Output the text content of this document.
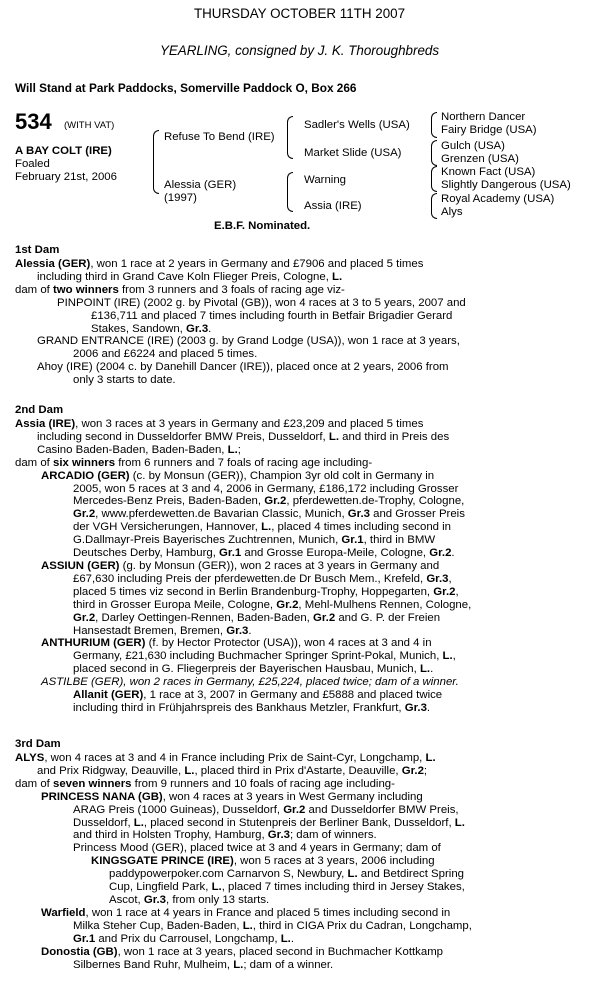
THURSDAY OCTOBER 11TH 2007
YEARLING, consigned by J. K. Thoroughbreds
Will Stand at Park Paddocks, Somerville Paddock O, Box 266
534 (WITH VAT)
A BAY COLT (IRE)
Foaled
February 21st, 2006
Refuse To Bend (IRE)
Alessia (GER)
(1997)
Sadler's Wells (USA)
Market Slide (USA)
Warning
Assia (IRE)
Northern Dancer
Fairy Bridge (USA)
Gulch (USA)
Grenzen (USA)
Known Fact (USA)
Slightly Dangerous (USA)
Royal Academy (USA)
Alys
E.B.F. Nominated.
1st Dam
Alessia (GER), won 1 race at 2 years in Germany and £7906 and placed 5 times
including third in Grand Cave Koln Flieger Preis, Cologne, L.
dam of two winners from 3 runners and 3 foals of racing age viz-
PINPOINT (IRE) (2002 g. by Pivotal (GB)), won 4 races at 3 to 5 years, 2007 and
£136,711 and placed 7 times including fourth in Betfair Brigadier Gerard
Stakes, Sandown, Gr.3.
GRAND ENTRANCE (IRE) (2003 g. by Grand Lodge (USA)), won 1 race at 3 years,
2006 and £6224 and placed 5 times.
Ahoy (IRE) (2004 c. by Danehill Dancer (IRE)), placed once at 2 years, 2006 from
only 3 starts to date.
2nd Dam
Assia (IRE), won 3 races at 3 years in Germany and £23,209 and placed 5 times
including second in Dusseldorfer BMW Preis, Dusseldorf, L. and third in Preis des
Casino Baden-Baden, Baden-Baden, L.;
dam of six winners from 6 runners and 7 foals of racing age including-
ARCADIO (GER) (c. by Monsun (GER)), Champion 3yr old colt in Germany in
2005, won 5 races at 3 and 4, 2006 in Germany, £186,172 including Grosser
Mercedes-Benz Preis, Baden-Baden, Gr.2, pferdewetten.de-Trophy, Cologne,
Gr.2, www.pferdewetten.de Bavarian Classic, Munich, Gr.3 and Grosser Preis
der VGH Versicherungen, Hannover, L., placed 4 times including second in
G.Dallmayr-Preis Bayerisches Zuchtrennen, Munich, Gr.1, third in BMW
Deutsches Derby, Hamburg, Gr.1 and Grosse Europa-Meile, Cologne, Gr.2.
ASSIUN (GER) (g. by Monsun (GER)), won 2 races at 3 years in Germany and
£67,630 including Preis der pferdewetten.de Dr Busch Mem., Krefeld, Gr.3,
placed 5 times viz second in Berlin Brandenburg-Trophy, Hoppegarten, Gr.2,
third in Grosser Europa Meile, Cologne, Gr.2, Mehl-Mulhens Rennen, Cologne,
Gr.2, Darley Oettingen-Rennen, Baden-Baden, Gr.2 and G. P. der Freien
Hansestadt Bremen, Bremen, Gr.3.
ANTHURIUM (GER) (f. by Hector Protector (USA)), won 4 races at 3 and 4 in
Germany, £21,630 including Buchmacher Springer Sprint-Pokal, Munich, L.,
placed second in G. Fliegerpreis der Bayerischen Hausbau, Munich, L..
ASTILBE (GER), won 2 races in Germany, £25,224, placed twice; dam of a winner.
Allanit (GER), 1 race at 3, 2007 in Germany and £5888 and placed twice
including third in Frühjahrspreis des Bankhaus Metzler, Frankfurt, Gr.3.
3rd Dam
ALYS, won 4 races at 3 and 4 in France including Prix de Saint-Cyr, Longchamp, L.
and Prix Ridgway, Deauville, L., placed third in Prix d'Astarte, Deauville, Gr.2;
dam of seven winners from 9 runners and 10 foals of racing age including-
PRINCESS NANA (GB), won 4 races at 3 years in West Germany including
ARAG Preis (1000 Guineas), Dusseldorf, Gr.2 and Dusseldorfer BMW Preis,
Dusseldorf, L., placed second in Stutenpreis der Berliner Bank, Dusseldorf, L.
and third in Holsten Trophy, Hamburg, Gr.3; dam of winners.
Princess Mood (GER), placed twice at 3 and 4 years in Germany; dam of
KINGSGATE PRINCE (IRE), won 5 races at 3 years, 2006 including
paddypowerpoker.com Carnarvon S, Newbury, L. and Betdirect Spring
Cup, Lingfield Park, L., placed 7 times including third in Jersey Stakes,
Ascot, Gr.3, from only 13 starts.
Warfield, won 1 race at 4 years in France and placed 5 times including second in
Milka Steher Cup, Baden-Baden, L., third in CIGA Prix du Cadran, Longchamp,
Gr.1 and Prix du Carrousel, Longchamp, L..
Donostia (GB), won 1 race at 3 years, placed second in Buchmacher Kottkamp
Silbernes Band Ruhr, Mulheim, L.; dam of a winner.
